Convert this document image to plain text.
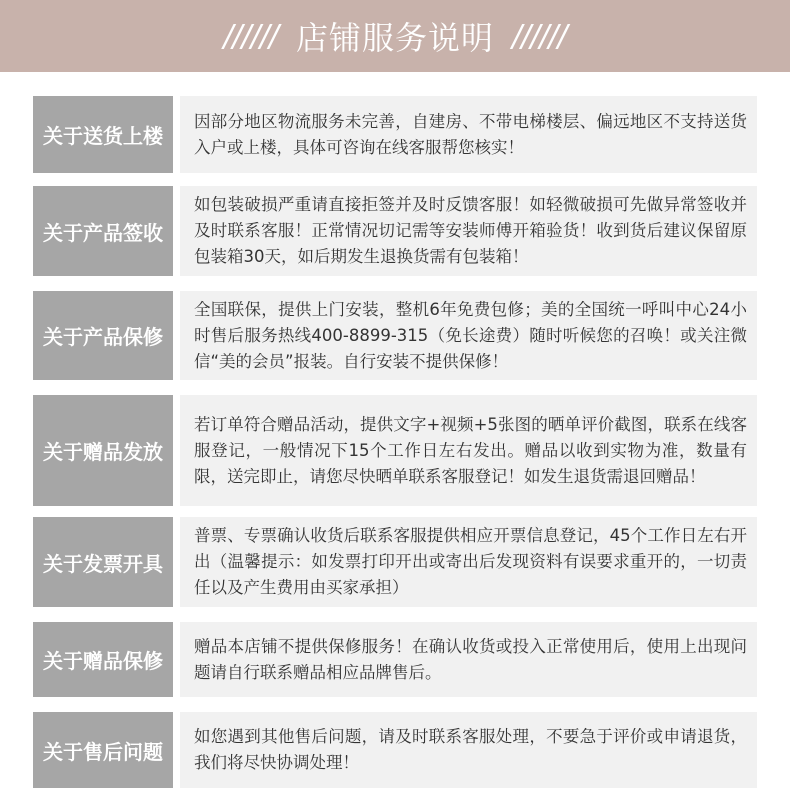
////// 店铺服务说明 //////
关于送货上楼

因部分地区物流服务未完善，自建房、不带电梯楼层、偏远地区不支持送货入户或上楼，具体可咨询在线客服帮您核实！

关于产品签收

如包装破损严重请直接拒签并及时反馈客服！如轻微破损可先做异常签收并及时联系客服！正常情况切记需等安装师傅开箱验货！收到货后建议保留原包装箱30天，如后期发生退换货需有包装箱！

关于产品保修

全国联保，提供上门安装，整机6年免费包修；美的全国统一呼叫中心24小时售后服务热线400-8899-315（免长途费）随时听候您的召唤！或关注微信“美的会员”报装。自行安装不提供保修！

关于赠品发放

若订单符合赠品活动，提供文字+视频+5张图的晒单评价截图，联系在线客服登记，一般情况下15个工作日左右发出。赠品以收到实物为准，数量有限，送完即止，请您尽快晒单联系客服登记！如发生退货需退回赠品！

关于发票开具

普票、专票确认收货后联系客服提供相应开票信息登记，45个工作日左右开出（温馨提示：如发票打印开出或寄出后发现资料有误要求重开的，一切责任以及产生费用由买家承担）

关于赠品保修

赠品本店铺不提供保修服务！在确认收货或投入正常使用后，使用上出现问题请自行联系赠品相应品牌售后。

关于售后问题

如您遇到其他售后问题，请及时联系客服处理，不要急于评价或申请退货，我们将尽快协调处理！
